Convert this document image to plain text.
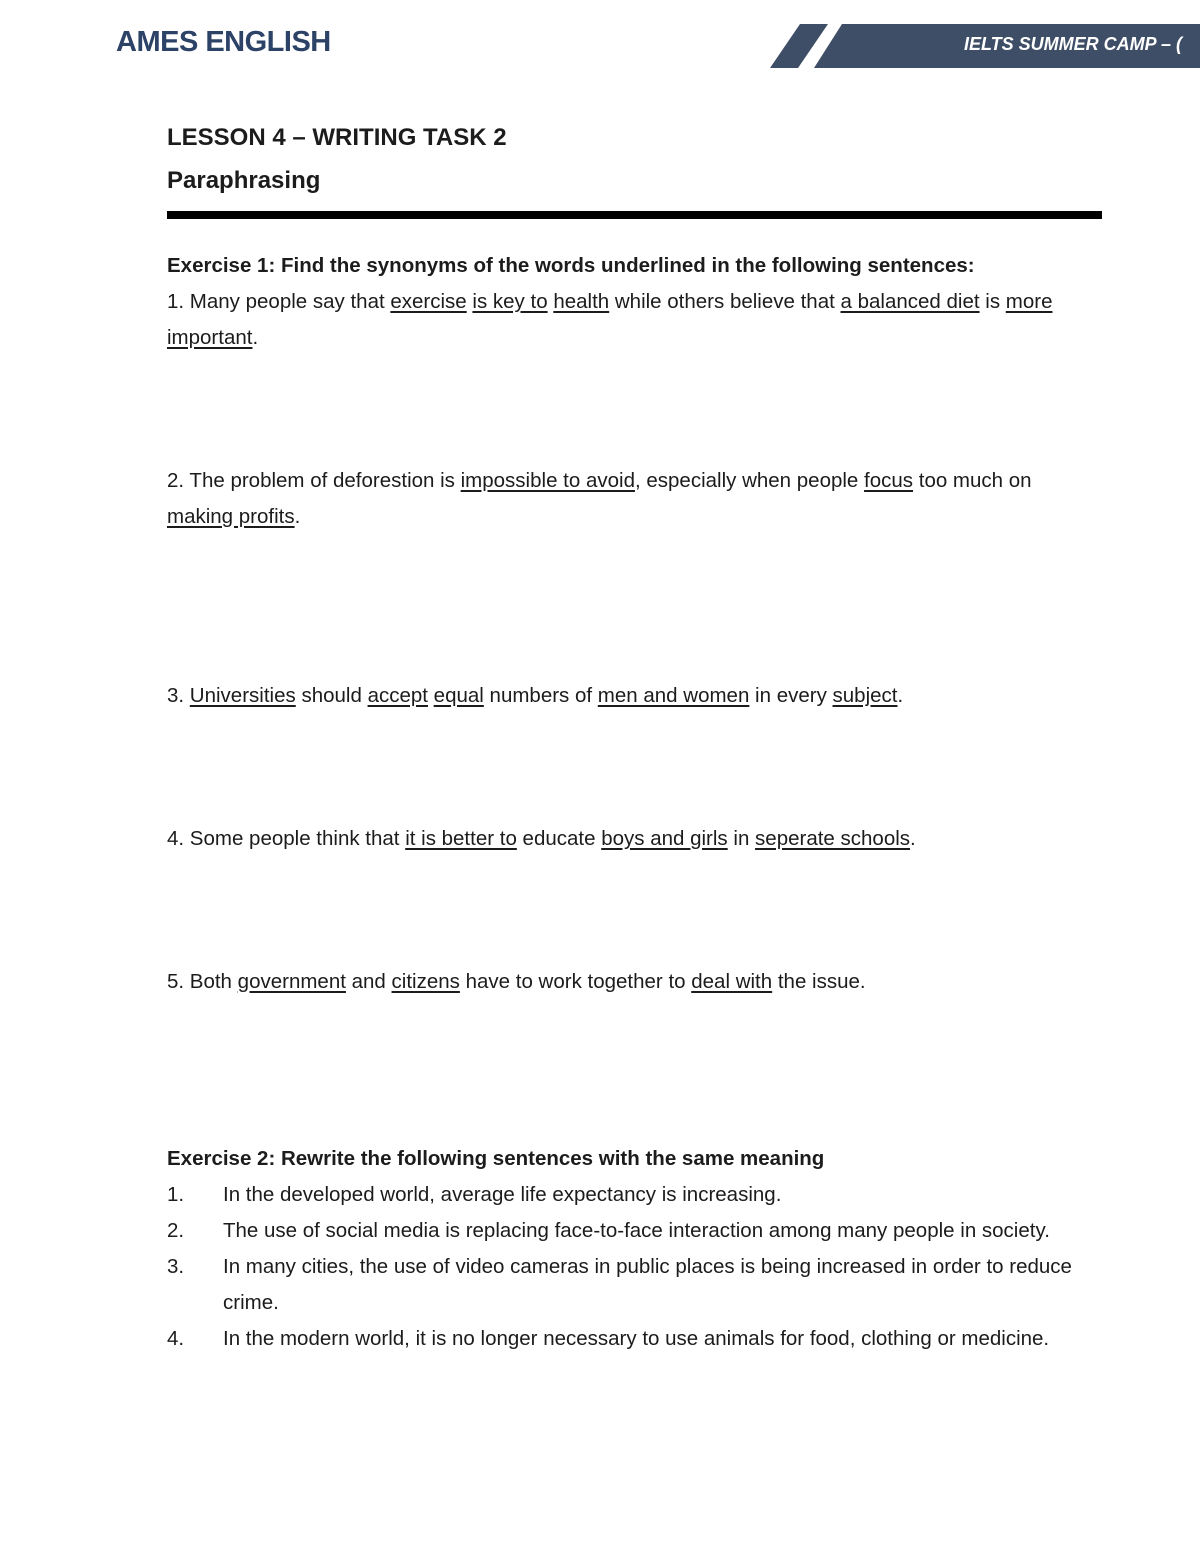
AMES ENGLISH	IELTS SUMMER CAMP – (
LESSON 4 – WRITING TASK 2
Paraphrasing

Exercise 1: Find the synonyms of the words underlined in the following sentences:

1. Many people say that exercise is key to health while others believe that a balanced diet is more important.

2. The problem of deforestion is impossible to avoid, especially when people focus too much on making profits.

3. Universities should accept equal numbers of men and women in every subject.

4. Some people think that it is better to educate boys and girls in seperate schools.

5. Both government and citizens have to work together to deal with the issue.

Exercise 2: Rewrite the following sentences with the same meaning

1. In the developed world, average life expectancy is increasing.
2. The use of social media is replacing face-to-face interaction among many people in society.
3. In many cities, the use of video cameras in public places is being increased in order to reduce crime.
4. In the modern world, it is no longer necessary to use animals for food, clothing or medicine.
